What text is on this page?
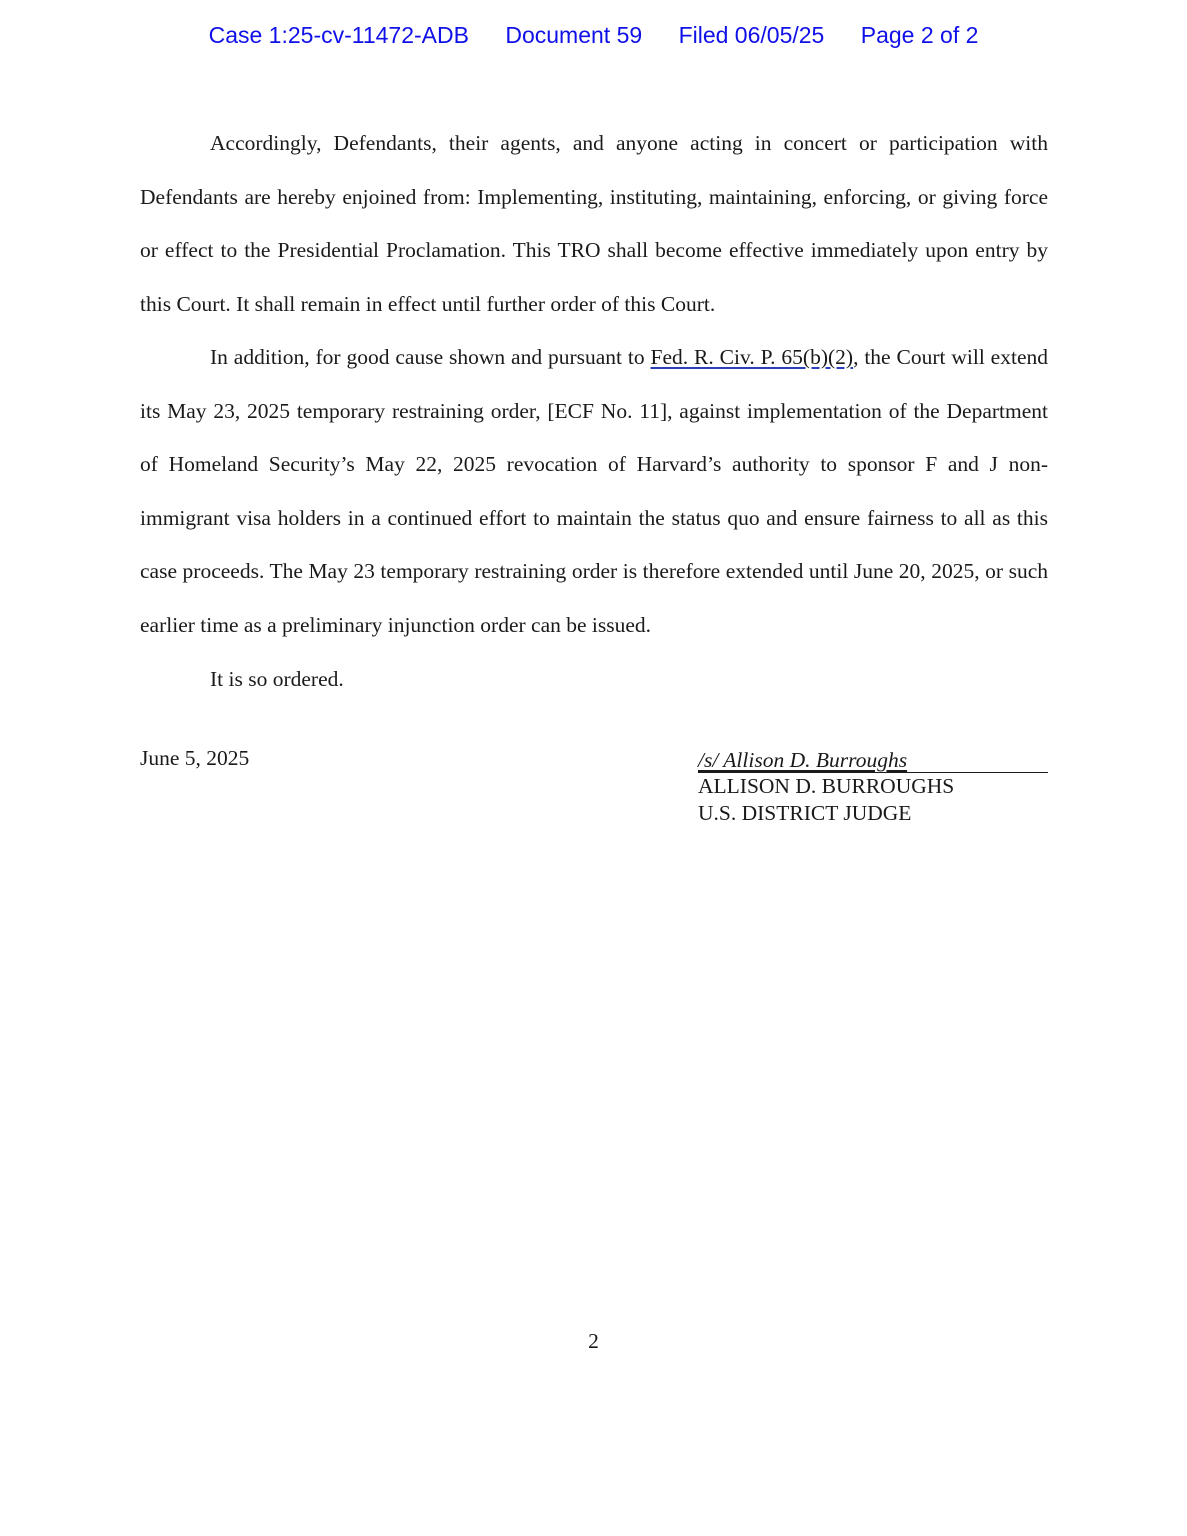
Case 1:25-cv-11472-ADB Document 59 Filed 06/05/25 Page 2 of 2

Accordingly, Defendants, their agents, and anyone acting in concert or participation with Defendants are hereby enjoined from: Implementing, instituting, maintaining, enforcing, or giving force or effect to the Presidential Proclamation. This TRO shall become effective immediately upon entry by this Court. It shall remain in effect until further order of this Court.

In addition, for good cause shown and pursuant to Fed. R. Civ. P. 65(b)(2), the Court will extend its May 23, 2025 temporary restraining order, [ECF No. 11], against implementation of the Department of Homeland Security’s May 22, 2025 revocation of Harvard’s authority to sponsor F and J non-immigrant visa holders in a continued effort to maintain the status quo and ensure fairness to all as this case proceeds. The May 23 temporary restraining order is therefore extended until June 20, 2025, or such earlier time as a preliminary injunction order can be issued.

It is so ordered.

June 5, 2025	/s/ Allison D. Burroughs
ALLISON D. BURROUGHS
U.S. DISTRICT JUDGE
2
